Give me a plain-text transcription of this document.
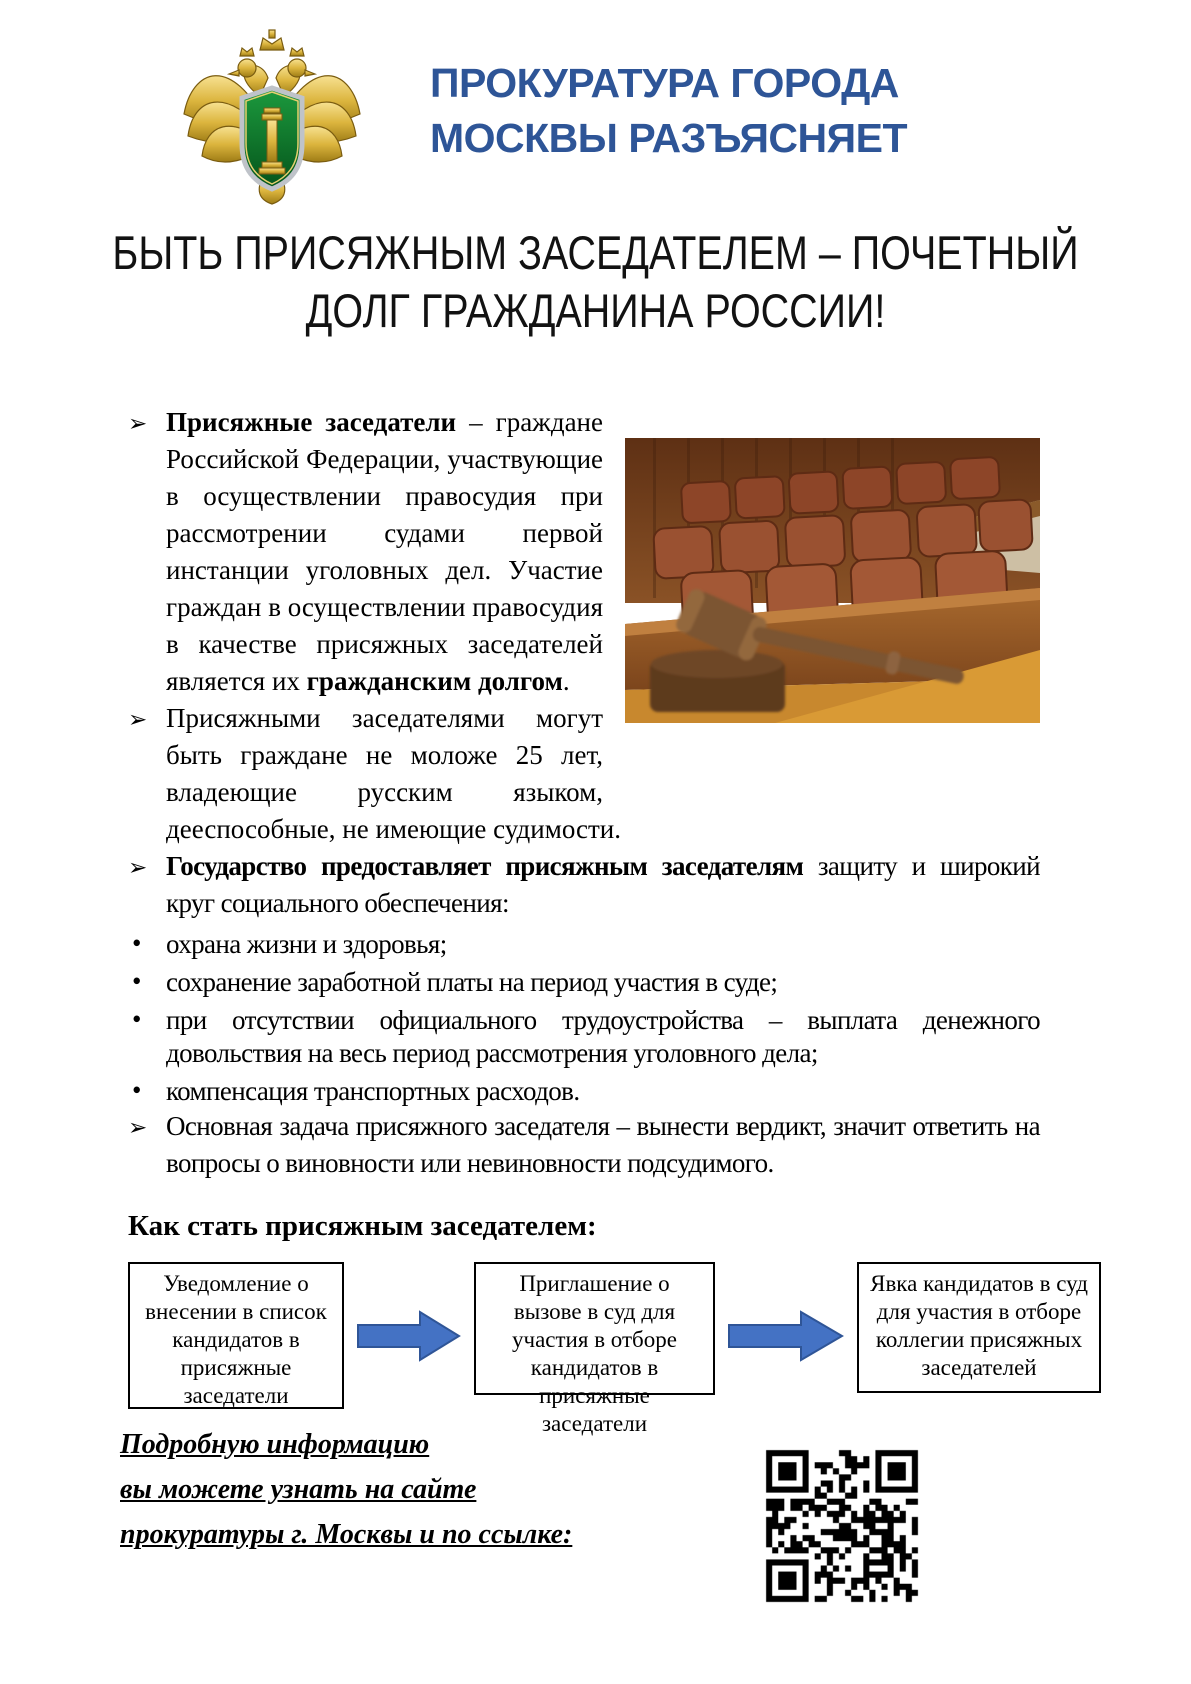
ПРОКУРАТУРА ГОРОДА
МОСКВЫ РАЗЪЯСНЯЕТ
БЫТЬ ПРИСЯЖНЫМ ЗАСЕДАТЕЛЕМ – ПОЧЕТНЫЙ
ДОЛГ ГРАЖДАНИНА РОССИИ!

➢ Присяжные заседатели – граждане Российской Федерации, участвующие в осуществлении правосудия при рассмотрении судами первой инстанции уголовных дел. Участие граждан в осуществлении правосудия в качестве присяжных заседателей является их гражданским долгом.

➢ Присяжными заседателями могут быть граждане не моложе 25 лет, владеющие русским языком, дееспособные, не имеющие судимости.

➢ Государство предоставляет присяжным заседателям защиту и широкий круг социального обеспечения:

• охрана жизни и здоровья;

• сохранение заработной платы на период участия в суде;

• при отсутствии официального трудоустройства – выплата денежного довольствия на весь период рассмотрения уголовного дела;

• компенсация транспортных расходов.

➢ Основная задача присяжного заседателя – вынести вердикт, значит ответить на вопросы о виновности или невиновности подсудимого.

Как стать присяжным заседателем:

Уведомление о внесении в список кандидатов в присяжные заседатели
Приглашение о вызове в суд для участия в отборе кандидатов в присяжные заседатели
Явка кандидатов в суд для участия в отборе коллегии присяжных заседателей
Подробную информацию
вы можете узнать на сайте
прокуратуры г. Москвы и по ссылке:
